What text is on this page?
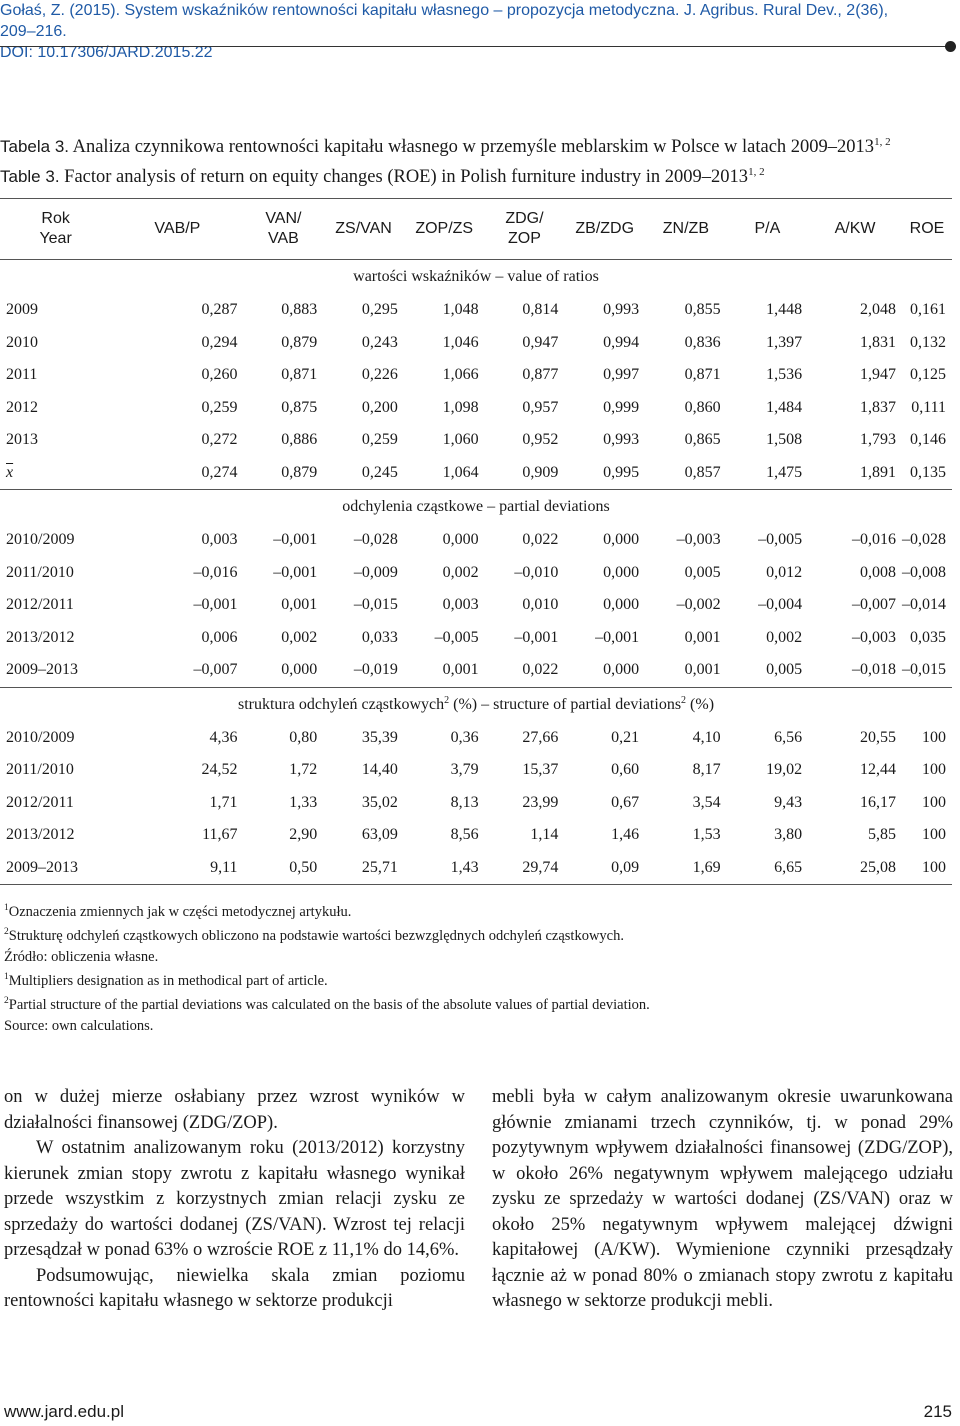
Gołaś, Z. (2015). System wskaźników rentowności kapitału własnego – propozycja metodyczna. J. Agribus. Rural Dev., 2(36), 209–216.
DOI: 10.17306/JARD.2015.22
Tabela 3. Analiza czynnikowa rentowności kapitału własnego w przemyśle meblarskim w Polsce w latach 2009–2013$^{1, 2}$
Table 3. Factor analysis of return on equity changes (ROE) in Polish furniture industry in 2009–2013$^{1, 2}$
Rok
Year	VAB/P	VAN/ VAB	ZS/VAN	ZOP/ZS	ZDG/ ZOP	ZB/ZDG	ZN/ZB	P/A	A/KW	ROE
wartości wskaźników – value of ratios										
2009	0,287	0,883	0,295	1,048	0,814	0,993	0,855	1,448	2,048	0,161
2010	0,294	0,879	0,243	1,046	0,947	0,994	0,836	1,397	1,831	0,132
2011	0,260	0,871	0,226	1,066	0,877	0,997	0,871	1,536	1,947	0,125
2012	0,259	0,875	0,200	1,098	0,957	0,999	0,860	1,484	1,837	0,111
2013	0,272	0,886	0,259	1,060	0,952	0,993	0,865	1,508	1,793	0,146
$\overline{x}$	0,274	0,879	0,245	1,064	0,909	0,995	0,857	1,475	1,891	0,135
odchylenia cząstkowe – partial deviations										
2010/2009	0,003	–0,001	–0,028	0,000	0,022	0,000	–0,003	–0,005	–0,016	–0,028
2011/2010	–0,016	–0,001	–0,009	0,002	–0,010	0,000	0,005	0,012	0,008	–0,008
2012/2011	–0,001	0,001	–0,015	0,003	0,010	0,000	–0,002	–0,004	–0,007	–0,014
2013/2012	0,006	0,002	0,033	–0,005	–0,001	–0,001	0,001	0,002	–0,003	0,035
2009–2013	–0,007	0,000	–0,019	0,001	0,022	0,000	0,001	0,005	–0,018	–0,015
struktura odchyleń cząstkowych$^2$ (%) – structure of partial deviations$^2$ (%)										
2010/2009	4,36	0,80	35,39	0,36	27,66	0,21	4,10	6,56	20,55	100
2011/2010	24,52	1,72	14,40	3,79	15,37	0,60	8,17	19,02	12,44	100
2012/2011	1,71	1,33	35,02	8,13	23,99	0,67	3,54	9,43	16,17	100
2013/2012	11,67	2,90	63,09	8,56	1,14	1,46	1,53	3,80	5,85	100
2009–2013	9,11	0,50	25,71	1,43	29,74	0,09	1,69	6,65	25,08	100
$^1$Oznaczenia zmiennych jak w części metodycznej artykułu.
$^2$Strukturę odchyleń cząstkowych obliczono na podstawie wartości bezwzględnych odchyleń cząstkowych.
Źródło: obliczenia własne.
$^1$Multipliers designation as in methodical part of article.
$^2$Partial structure of the partial deviations was calculated on the basis of the absolute values of partial deviation.
Source: own calculations.

on w dużej mierze osłabiany przez wzrost wyników w działalności finansowej (ZDG/ZOP).

W ostatnim analizowanym roku (2013/2012) korzystny kierunek zmian stopy zwrotu z kapitału własnego wynikał przede wszystkim z korzystnych zmian relacji zysku ze sprzedaży do wartości dodanej (ZS/VAN). Wzrost tej relacji przesądzał w ponad 63% o wzroście ROE z 11,1% do 14,6%.

Podsumowując, niewielka skala zmian poziomu rentowności kapitału własnego w sektorze produkcji

mebli była w całym analizowanym okresie uwarunkowana głównie zmianami trzech czynników, tj. w ponad 29% pozytywnym wpływem działalności finansowej (ZDG/ZOP), w około 26% negatywnym wpływem malejącego udziału zysku ze sprzedaży w wartości dodanej (ZS/VAN) oraz w około 25% negatywnym wpływem malejącej dźwigni kapitałowej (A/KW). Wymienione czynniki przesądzały łącznie aż w ponad 80% o zmianach stopy zwrotu z kapitału własnego w sektorze produkcji mebli.

www.jard.edu.pl	215
